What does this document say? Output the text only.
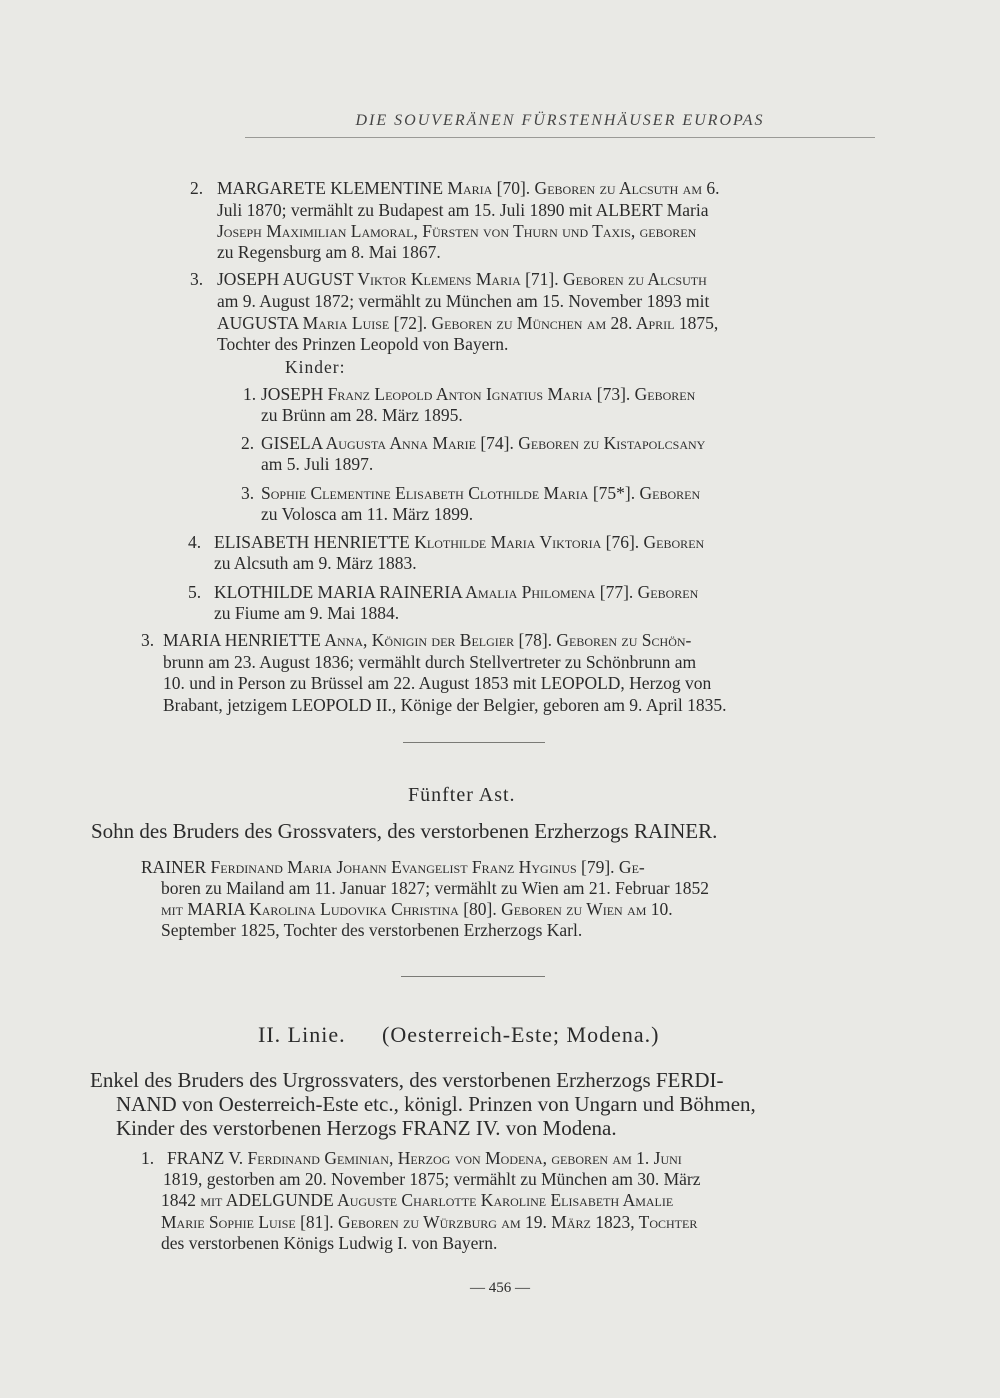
DIE SOUVERÄNEN FÜRSTENHÄUSER EUROPAS
2. MARGARETE KLEMENTINE Maria [70]. Geboren zu Alcsuth am 6.
Juli 1870; vermählt zu Budapest am 15. Juli 1890 mit ALBERT Maria
Joseph Maximilian Lamoral, Fürsten von Thurn und Taxis, geboren
zu Regensburg am 8. Mai 1867.
3. JOSEPH AUGUST Viktor Klemens Maria [71]. Geboren zu Alcsuth
am 9. August 1872; vermählt zu München am 15. November 1893 mit
AUGUSTA Maria Luise [72]. Geboren zu München am 28. April 1875,
Tochter des Prinzen Leopold von Bayern.
Kinder:
1. JOSEPH Franz Leopold Anton Ignatius Maria [73]. Geboren
zu Brünn am 28. März 1895.
2. GISELA Augusta Anna Marie [74]. Geboren zu Kistapolcsany
am 5. Juli 1897.
3. Sophie Clementine Elisabeth Clothilde Maria [75*]. Geboren
zu Volosca am 11. März 1899.
4. ELISABETH HENRIETTE Klothilde Maria Viktoria [76]. Geboren
zu Alcsuth am 9. März 1883.
5. KLOTHILDE MARIA RAINERIA Amalia Philomena [77]. Geboren
zu Fiume am 9. Mai 1884.
3. MARIA HENRIETTE Anna, Königin der Belgier [78]. Geboren zu Schön-
brunn am 23. August 1836; vermählt durch Stellvertreter zu Schönbrunn am
10. und in Person zu Brüssel am 22. August 1853 mit LEOPOLD, Herzog von
Brabant, jetzigem LEOPOLD II., Könige der Belgier, geboren am 9. April 1835.
Fünfter Ast.
Sohn des Bruders des Grossvaters, des verstorbenen Erzherzogs RAINER.
RAINER Ferdinand Maria Johann Evangelist Franz Hyginus [79]. Ge-
boren zu Mailand am 11. Januar 1827; vermählt zu Wien am 21. Februar 1852
mit MARIA Karolina Ludovika Christina [80]. Geboren zu Wien am 10.
September 1825, Tochter des verstorbenen Erzherzogs Karl.
II. Linie. (Oesterreich-Este; Modena.)
Enkel des Bruders des Urgrossvaters, des verstorbenen Erzherzogs FERDI-
NAND von Oesterreich-Este etc., königl. Prinzen von Ungarn und Böhmen,
Kinder des verstorbenen Herzogs FRANZ IV. von Modena.
1. FRANZ V. Ferdinand Geminian, Herzog von Modena, geboren am 1. Juni
1819, gestorben am 20. November 1875; vermählt zu München am 30. März
1842 mit ADELGUNDE Auguste Charlotte Karoline Elisabeth Amalie
Marie Sophie Luise [81]. Geboren zu Würzburg am 19. März 1823, Tochter
des verstorbenen Königs Ludwig I. von Bayern.
— 456 —
